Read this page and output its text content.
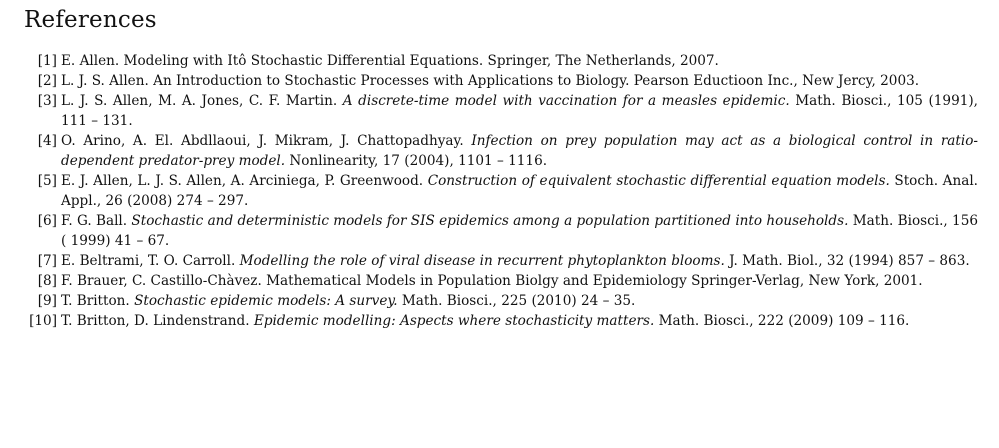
References
[1] E. Allen. Modeling with Itô Stochastic Differential Equations. Springer, The Netherlands, 2007.
[2] L. J. S. Allen. An Introduction to Stochastic Processes with Applications to Biology. Pearson Eductioon Inc., New Jercy, 2003.
[3] L. J. S. Allen, M. A. Jones, C. F. Martin. A discrete-time model with vaccination for a measles epidemic. Math. Biosci., 105 (1991), 111 – 131.
[4] O. Arino, A. El. Abdllaoui, J. Mikram, J. Chattopadhyay. Infection on prey population may act as a biological control in ratio-dependent predator-prey model. Nonlinearity, 17 (2004), 1101 – 1116.
[5] E. J. Allen, L. J. S. Allen, A. Arciniega, P. Greenwood. Construction of equivalent stochastic differential equation models. Stoch. Anal. Appl., 26 (2008) 274 – 297.
[6] F. G. Ball. Stochastic and deterministic models for SIS epidemics among a population partitioned into households. Math. Biosci., 156 ( 1999) 41 – 67.
[7] E. Beltrami, T. O. Carroll. Modelling the role of viral disease in recurrent phytoplankton blooms. J. Math. Biol., 32 (1994) 857 – 863.
[8] F. Brauer, C. Castillo-Chàvez. Mathematical Models in Population Biolgy and Epidemiology Springer-Verlag, New York, 2001.
[9] T. Britton. Stochastic epidemic models: A survey. Math. Biosci., 225 (2010) 24 – 35.
[10] T. Britton, D. Lindenstrand. Epidemic modelling: Aspects where stochasticity matters. Math. Biosci., 222 (2009) 109 – 116.
